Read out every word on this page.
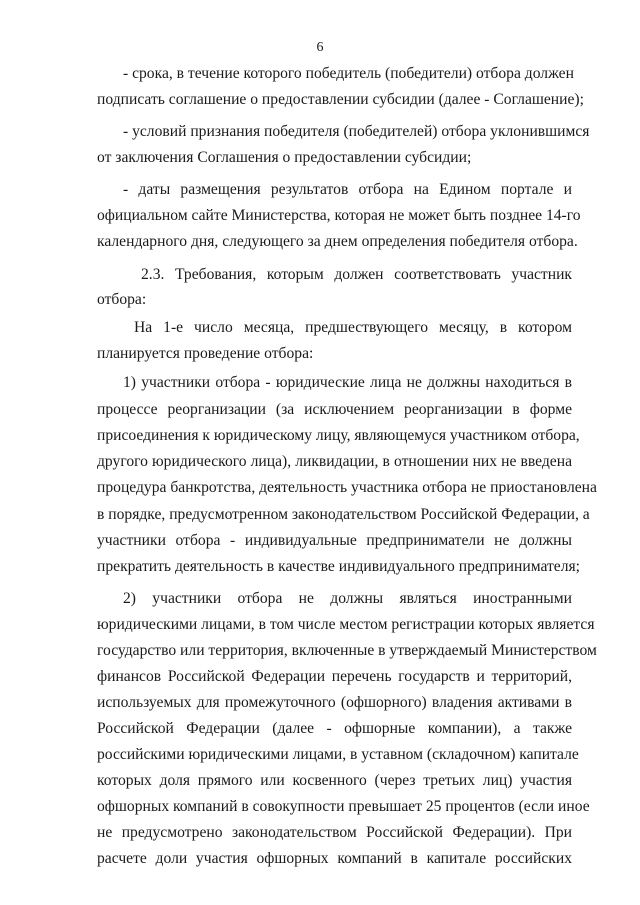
6
- срока, в течение которого победитель (победители) отбора должен
подписать соглашение о предоставлении субсидии (далее - Соглашение);
- условий признания победителя (победителей) отбора уклонившимся
от заключения Соглашения о предоставлении субсидии;
- даты размещения результатов отбора на Едином портале и
официальном сайте Министерства, которая не может быть позднее 14-го
календарного дня, следующего за днем определения победителя отбора.
2.3. Требования, которым должен соответствовать участник
отбора:
На 1-е число месяца, предшествующего месяцу, в котором
планируется проведение отбора:
1) участники отбора - юридические лица не должны находиться в
процессе реорганизации (за исключением реорганизации в форме
присоединения к юридическому лицу, являющемуся участником отбора,
другого юридического лица), ликвидации, в отношении них не введена
процедура банкротства, деятельность участника отбора не приостановлена
в порядке, предусмотренном законодательством Российской Федерации, а
участники отбора - индивидуальные предприниматели не должны
прекратить деятельность в качестве индивидуального предпринимателя;
2) участники отбора не должны являться иностранными
юридическими лицами, в том числе местом регистрации которых является
государство или территория, включенные в утверждаемый Министерством
финансов Российской Федерации перечень государств и территорий,
используемых для промежуточного (офшорного) владения активами в
Российской Федерации (далее - офшорные компании), а также
российскими юридическими лицами, в уставном (складочном) капитале
которых доля прямого или косвенного (через третьих лиц) участия
офшорных компаний в совокупности превышает 25 процентов (если иное
не предусмотрено законодательством Российской Федерации). При
расчете доли участия офшорных компаний в капитале российских
